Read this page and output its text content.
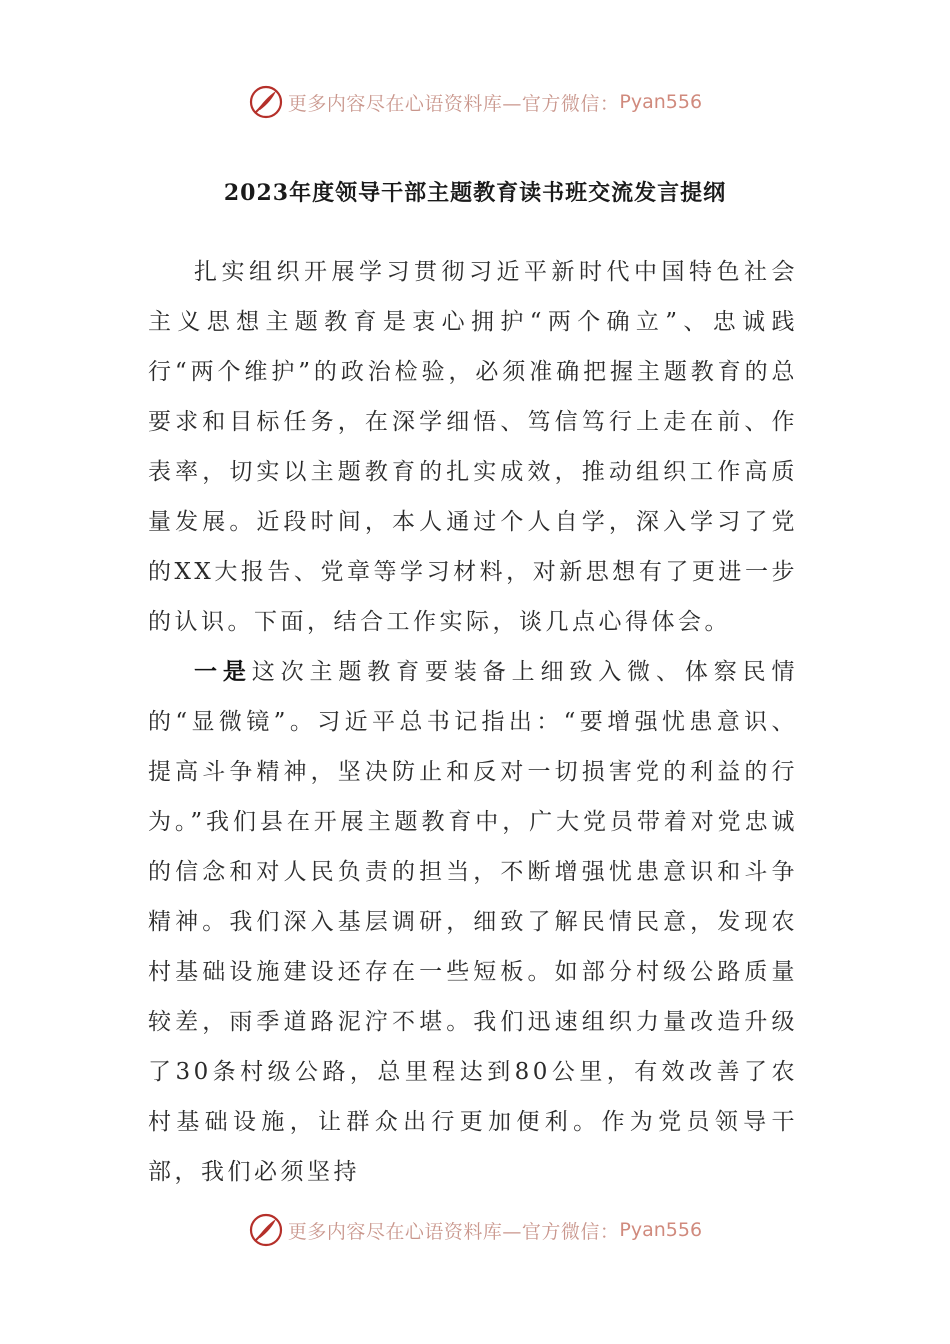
更多内容尽在心语资料库—官方微信： Pyan556
2023年度领导干部主题教育读书班交流发言提纲

扎实组织开展学习贯彻习近平新时代中国特色社会主义思想主题教育是衷心拥护“两个确立”、忠诚践行“两个维护”的政治检验，必须准确把握主题教育的总要求和目标任务，在深学细悟、笃信笃行上走在前、作表率，切实以主题教育的扎实成效，推动组织工作高质量发展。近段时间，本人通过个人自学，深入学习了党的XX大报告、党章等学习材料，对新思想有了更进一步的认识。下面，结合工作实际，谈几点心得体会。

一是这次主题教育要装备上细致入微、体察民情的“显微镜”。习近平总书记指出：“要增强忧患意识、提高斗争精神，坚决防止和反对一切损害党的利益的行为。”我们县在开展主题教育中，广大党员带着对党忠诚的信念和对人民负责的担当，不断增强忧患意识和斗争精神。我们深入基层调研，细致了解民情民意，发现农村基础设施建设还存在一些短板。如部分村级公路质量较差，雨季道路泥泞不堪。我们迅速组织力量改造升级了30条村级公路，总里程达到80公里，有效改善了农村基础设施，让群众出行更加便利。作为党员领导干部，我们必须坚持

更多内容尽在心语资料库—官方微信： Pyan556
